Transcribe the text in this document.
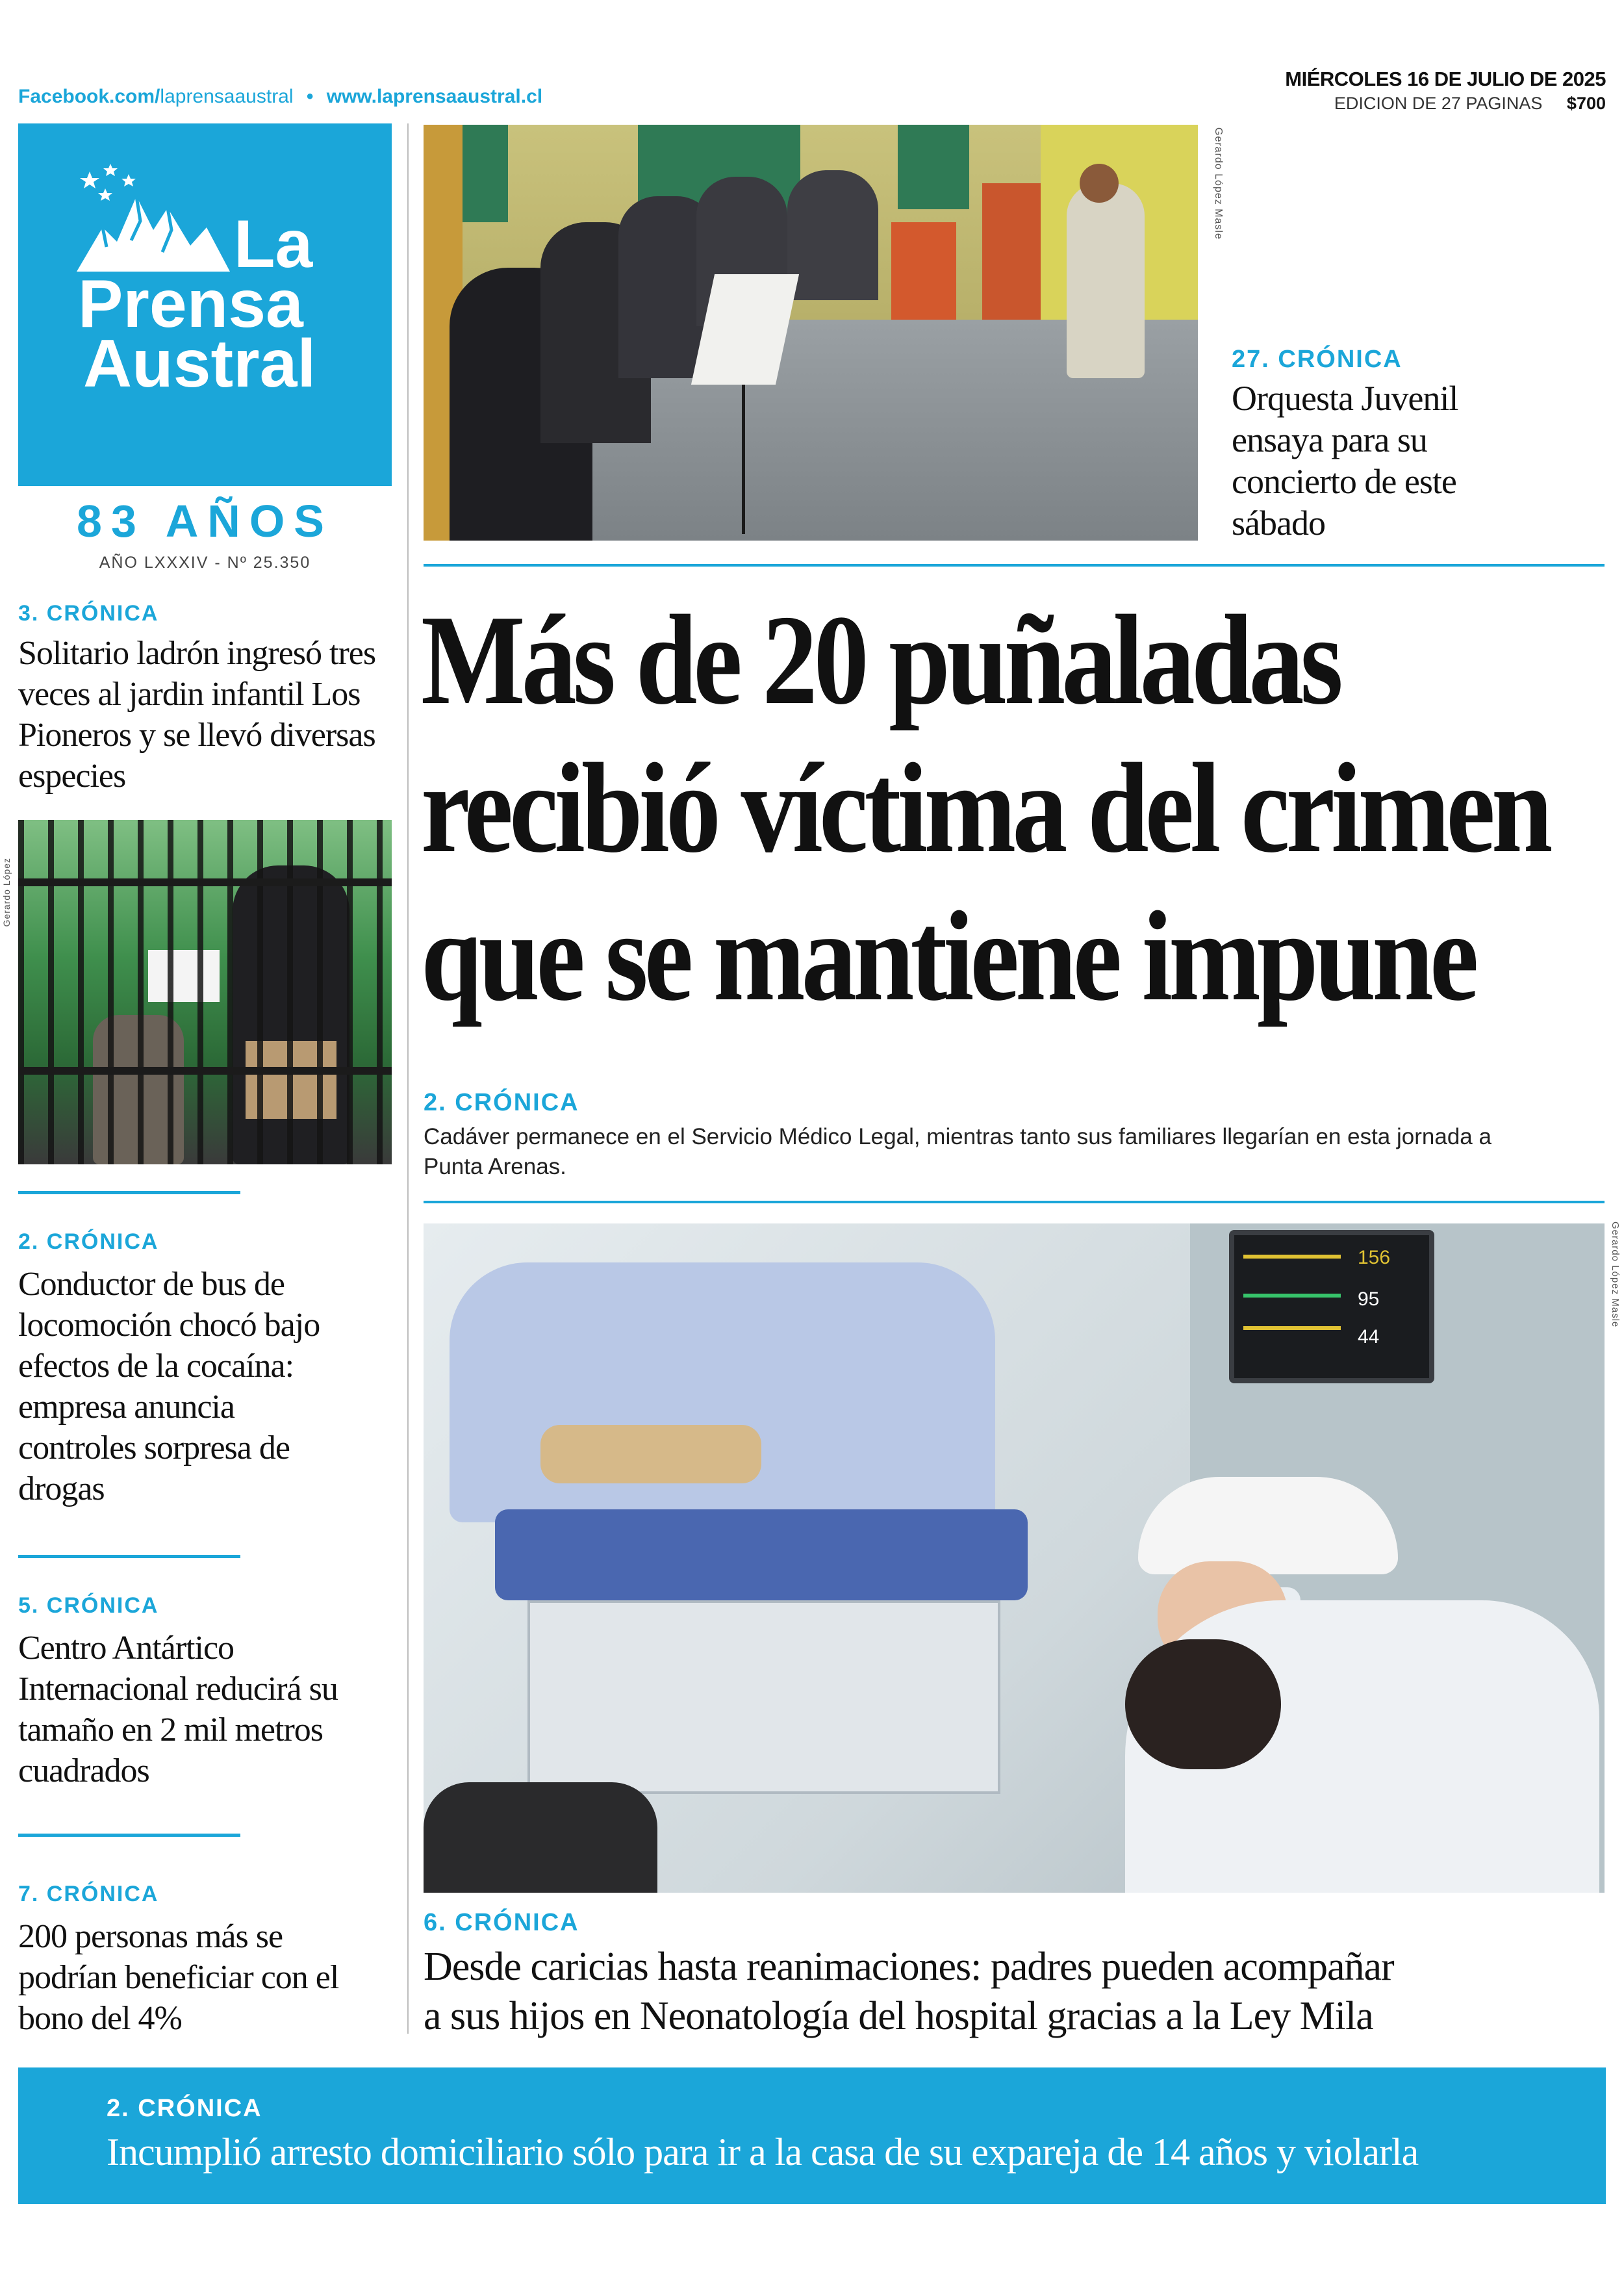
Facebook.com/laprensaaustral • www.laprensaaustral.cl
MIÉRCOLES 16 DE JULIO DE 2025
EDICION DE 27 PAGINAS $700
La
Prensa
Austral
83 AÑOS
AÑO LXXXIV - Nº 25.350
3. CRÓNICA

Solitario ladrón ingresó tres veces al jardin infantil Los Pioneros y se llevó diversas especies

Gerardo López
2. CRÓNICA

Conductor de bus de locomoción chocó bajo efectos de la cocaína: empresa anuncia controles sorpresa de drogas

5. CRÓNICA

Centro Antártico Internacional reducirá su tamaño en 2 mil metros cuadrados

7. CRÓNICA

200 personas más se podrían beneficiar con el bono del 4%

Gerardo López Masle
27. CRÓNICA

Orquesta Juvenil ensaya para su concierto de este sábado

Más de 20 puñaladas
recibió víctima del crimen
que se mantiene impune
2. CRÓNICA

Cadáver permanece en el Servicio Médico Legal, mientras tanto sus familiares llegarían en esta jornada a Punta Arenas.

156
95
44
Gerardo López Masle
6. CRÓNICA
Desde caricias hasta reanimaciones: padres pueden acompañar
a sus hijos en Neonatología del hospital gracias a la Ley Mila
2. CRÓNICA
Incumplió arresto domiciliario sólo para ir a la casa de su expareja de 14 años y violarla
